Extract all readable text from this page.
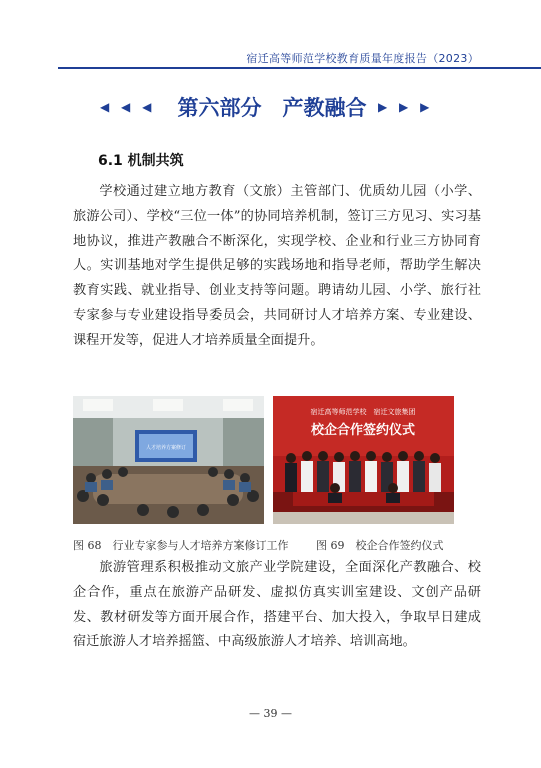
宿迁高等师范学校教育质量年度报告（2023）
◀ ◀ ◀ 第六部分　产教融合 ▶ ▶ ▶
6.1 机制共筑

学校通过建立地方教育（文旅）主管部门、优质幼儿园（小学、旅游公司）、学校“三位一体”的协同培养机制，签订三方见习、实习基地协议，推进产教融合不断深化，实现学校、企业和行业三方协同育人。实训基地对学生提供足够的实践场地和指导老师，帮助学生解决教育实践、就业指导、创业支持等问题。聘请幼儿园、小学、旅行社专家参与专业建设指导委员会，共同研讨人才培养方案、专业建设、课程开发等，促进人才培养质量全面提升。

人才培养方案修订
宿迁高等师范学校　宿迁文旅集团
校企合作签约仪式
图 68　行业专家参与人才培养方案修订工作	图 69　校企合作签约仪式

旅游管理系积极推动文旅产业学院建设，全面深化产教融合、校企合作，重点在旅游产品研发、虚拟仿真实训室建设、文创产品研发、教材研发等方面开展合作，搭建平台、加大投入，争取早日建成宿迁旅游人才培养摇篮、中高级旅游人才培养、培训高地。

— 39 —
